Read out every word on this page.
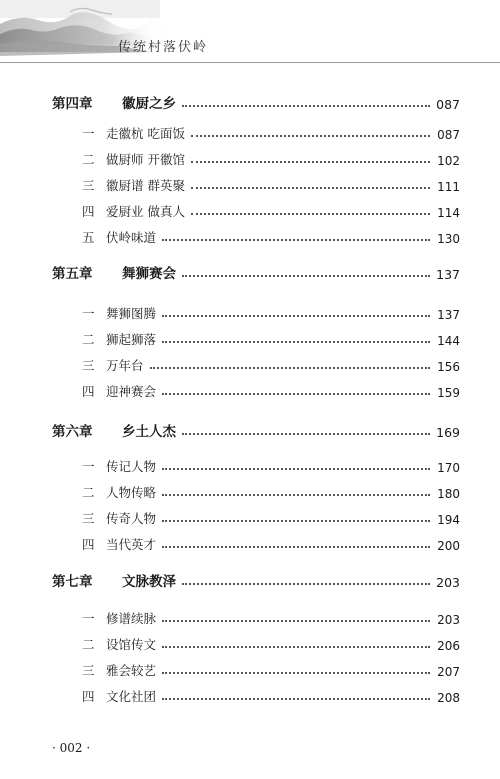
传统村落伏岭
第四章	徽厨之乡	087
一 走徽杭 吃面饭	087
二 做厨师 开徽馆	102
三 徽厨谱 群英聚	111
四 爱厨业 做真人	114
五 伏岭味道	130
第五章	舞狮赛会	137
一 舞狮图腾	137
二 狮起狮落	144
三 万年台	156
四 迎神赛会	159
第六章	乡土人杰	169
一 传记人物	170
二 人物传略	180
三 传奇人物	194
四 当代英才	200
第七章	文脉教泽	203
一 修谱续脉	203
二 设馆传文	206
三 雅会较艺	207
四 文化社团	208
· 002 ·
